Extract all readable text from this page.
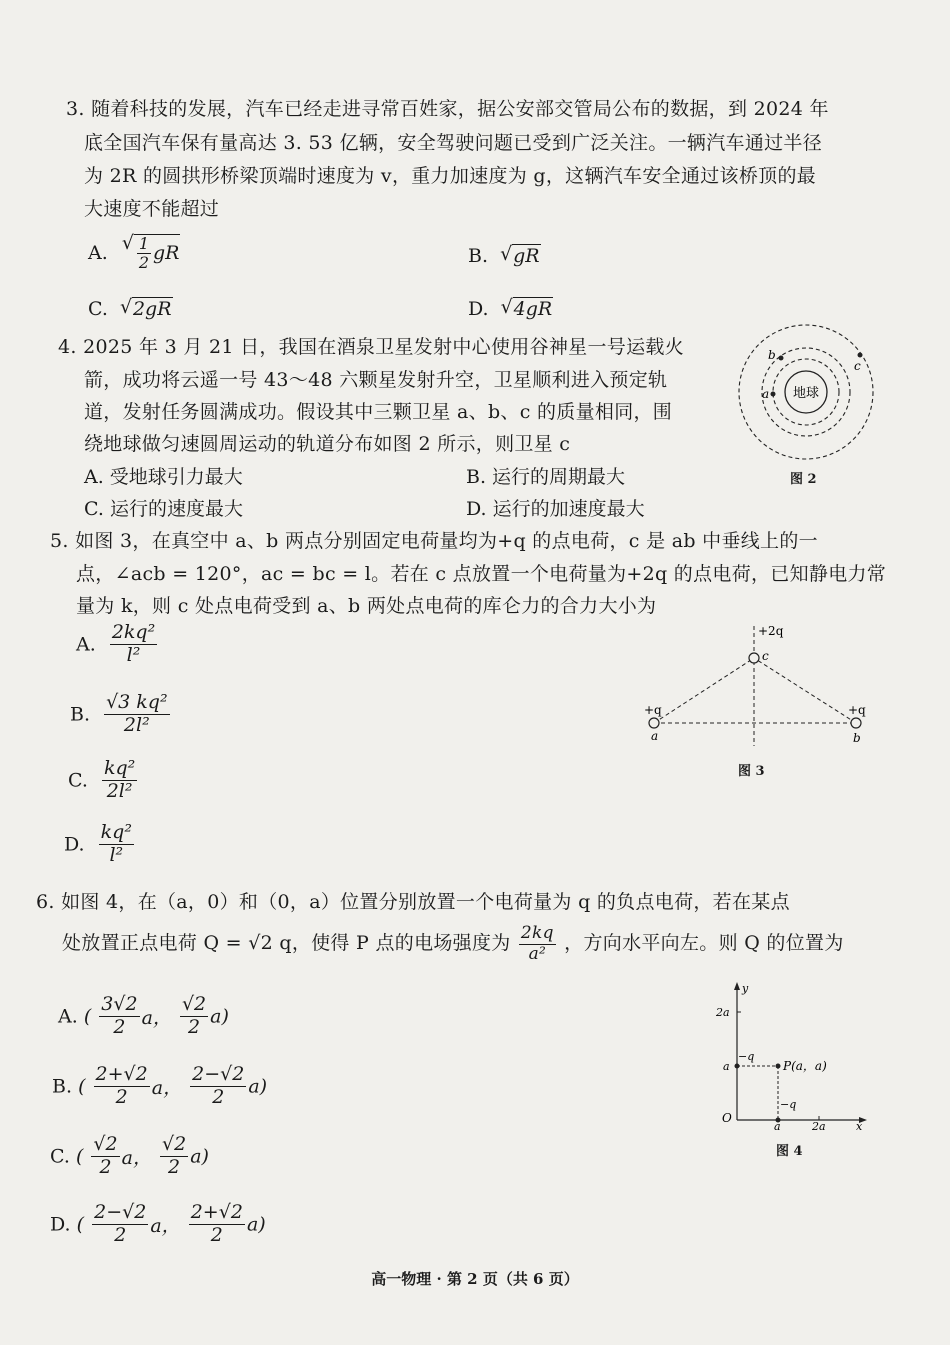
3. 随着科技的发展，汽车已经走进寻常百姓家，据公安部交管局公布的数据，到 2024 年
底全国汽车保有量高达 3. 53 亿辆，安全驾驶问题已受到广泛关注。一辆汽车通过半径
为 2R 的圆拱形桥梁顶端时速度为 v，重力加速度为 g，这辆汽车安全通过该桥顶的最
大速度不能超过
A. √ $\frac{1}{2}$ gR	B. √ gR
C. √ 2gR	D. √ 4gR
4. 2025 年 3 月 21 日，我国在酒泉卫星发射中心使用谷神星一号运载火
箭，成功将云遥一号 43～48 六颗星发射升空，卫星顺利进入预定轨
道，发射任务圆满成功。假设其中三颗卫星 a、b、c 的质量相同，围
绕地球做匀速圆周运动的轨道分布如图 2 所示，则卫星 c
A. 受地球引力最大	B. 运行的周期最大
C. 运行的速度最大	D. 运行的加速度最大
地球
a
b
c
图 2
5. 如图 3，在真空中 a、b 两点分别固定电荷量均为+q 的点电荷，c 是 ab 中垂线上的一
点，∠acb = 120°，ac = bc = l。若在 c 点放置一个电荷量为+2q 的点电荷，已知静电力常
量为 k，则 c 处点电荷受到 a、b 两处点电荷的库仑力的合力大小为
A. $\frac{\text{2kq²}}{\text{l²}}$
B. $\frac{\text{√3 kq²}}{\text{2l²}}$
C. $\frac{\text{kq²}}{\text{2l²}}$
D. $\frac{\text{kq²}}{\text{l²}}$
+2q
c
+q
a
+q
b
图 3
6. 如图 4，在（a，0）和（0，a）位置分别放置一个电荷量为 q 的负点电荷，若在某点
处放置正点电荷 Q = √2 q，使得 P 点的电场强度为 $\frac{2kq}{\text{a²}}$ ，方向水平向左。则 Q 的位置为
A. ( $\frac{3√2}{2}$ a， $\frac{√2}{2} a$)
B. ( $\frac{2+√2}{2}$ a， $\frac{2-√2}{2} a$)
C. ( $\frac{√2}{2}$ a， $\frac{√2}{2} a$)
D. ( $\frac{2-√2}{2}$ a， $\frac{2+√2}{2} a$)
y
x
2a
a
O
a	2a
−q
−q
P(a，a)
图 4
高一物理 · 第 2 页（共 6 页）
